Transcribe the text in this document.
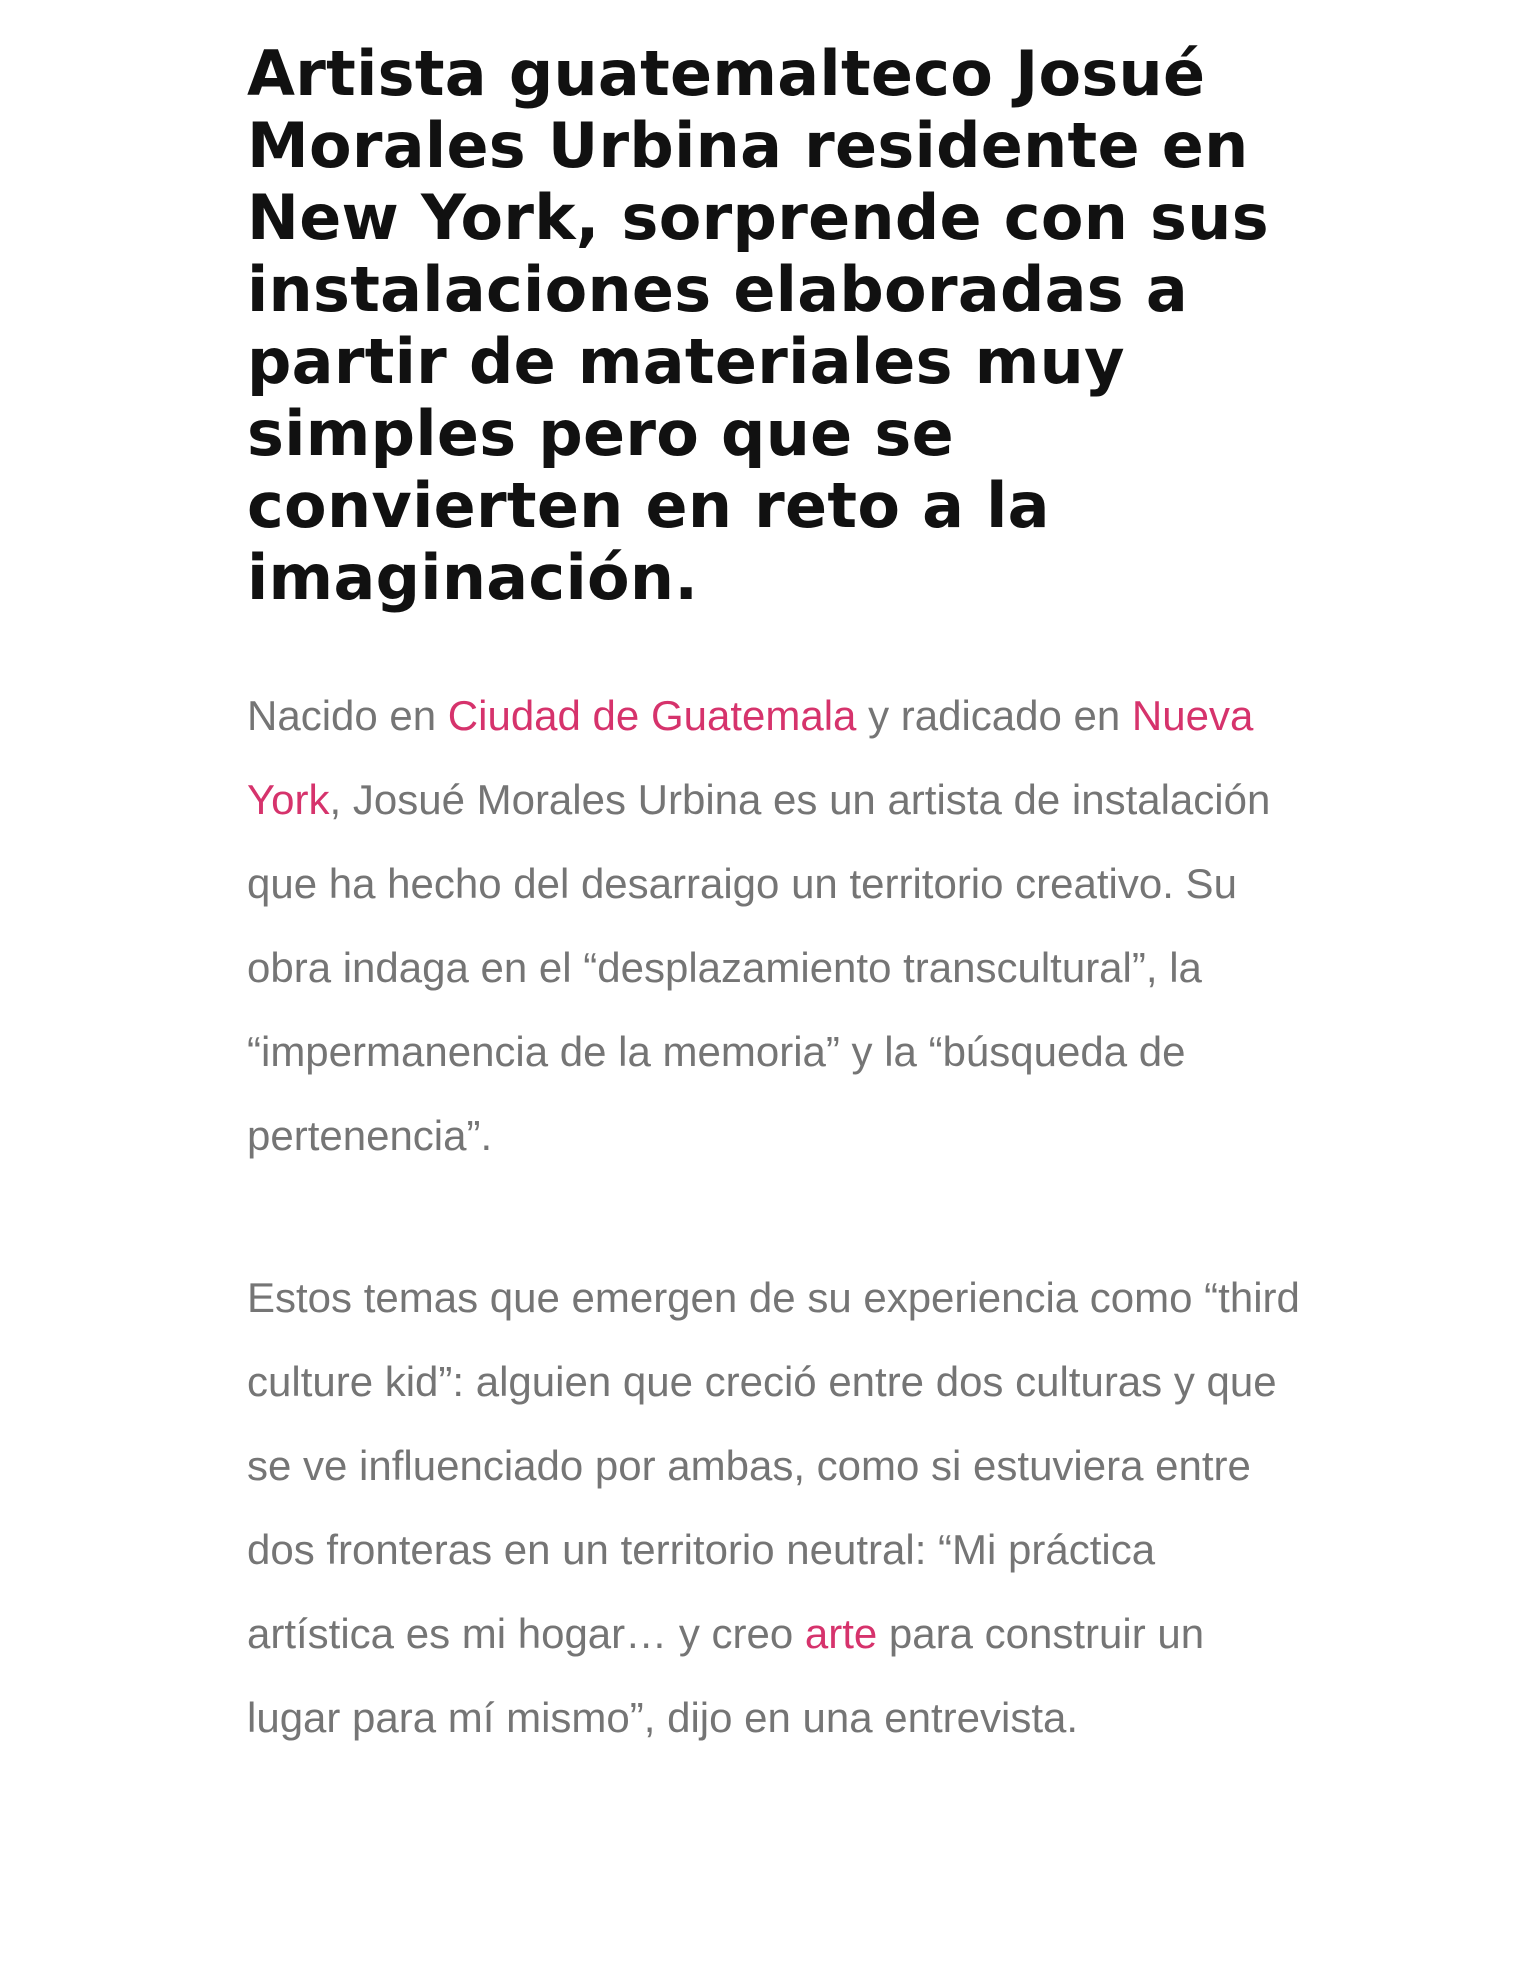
Artista guatemalteco Josué Morales Urbina residente en New York, sorprende con sus instalaciones elaboradas a partir de materiales muy simples pero que se convierten en reto a la imaginación.

Nacido en Ciudad de Guatemala y radicado en Nueva York, Josué Morales Urbina es un artista de instalación que ha hecho del desarraigo un territorio creativo. Su obra indaga en el “desplazamiento transcultural”, la “impermanencia de la memoria” y la “búsqueda de pertenencia”.

Estos temas que emergen de su experiencia como “third culture kid”: alguien que creció entre dos culturas y que se ve influenciado por ambas, como si estuviera entre dos fronteras en un territorio neutral: “Mi práctica artística es mi hogar… y creo arte para construir un lugar para mí mismo”, dijo en una entrevista.
